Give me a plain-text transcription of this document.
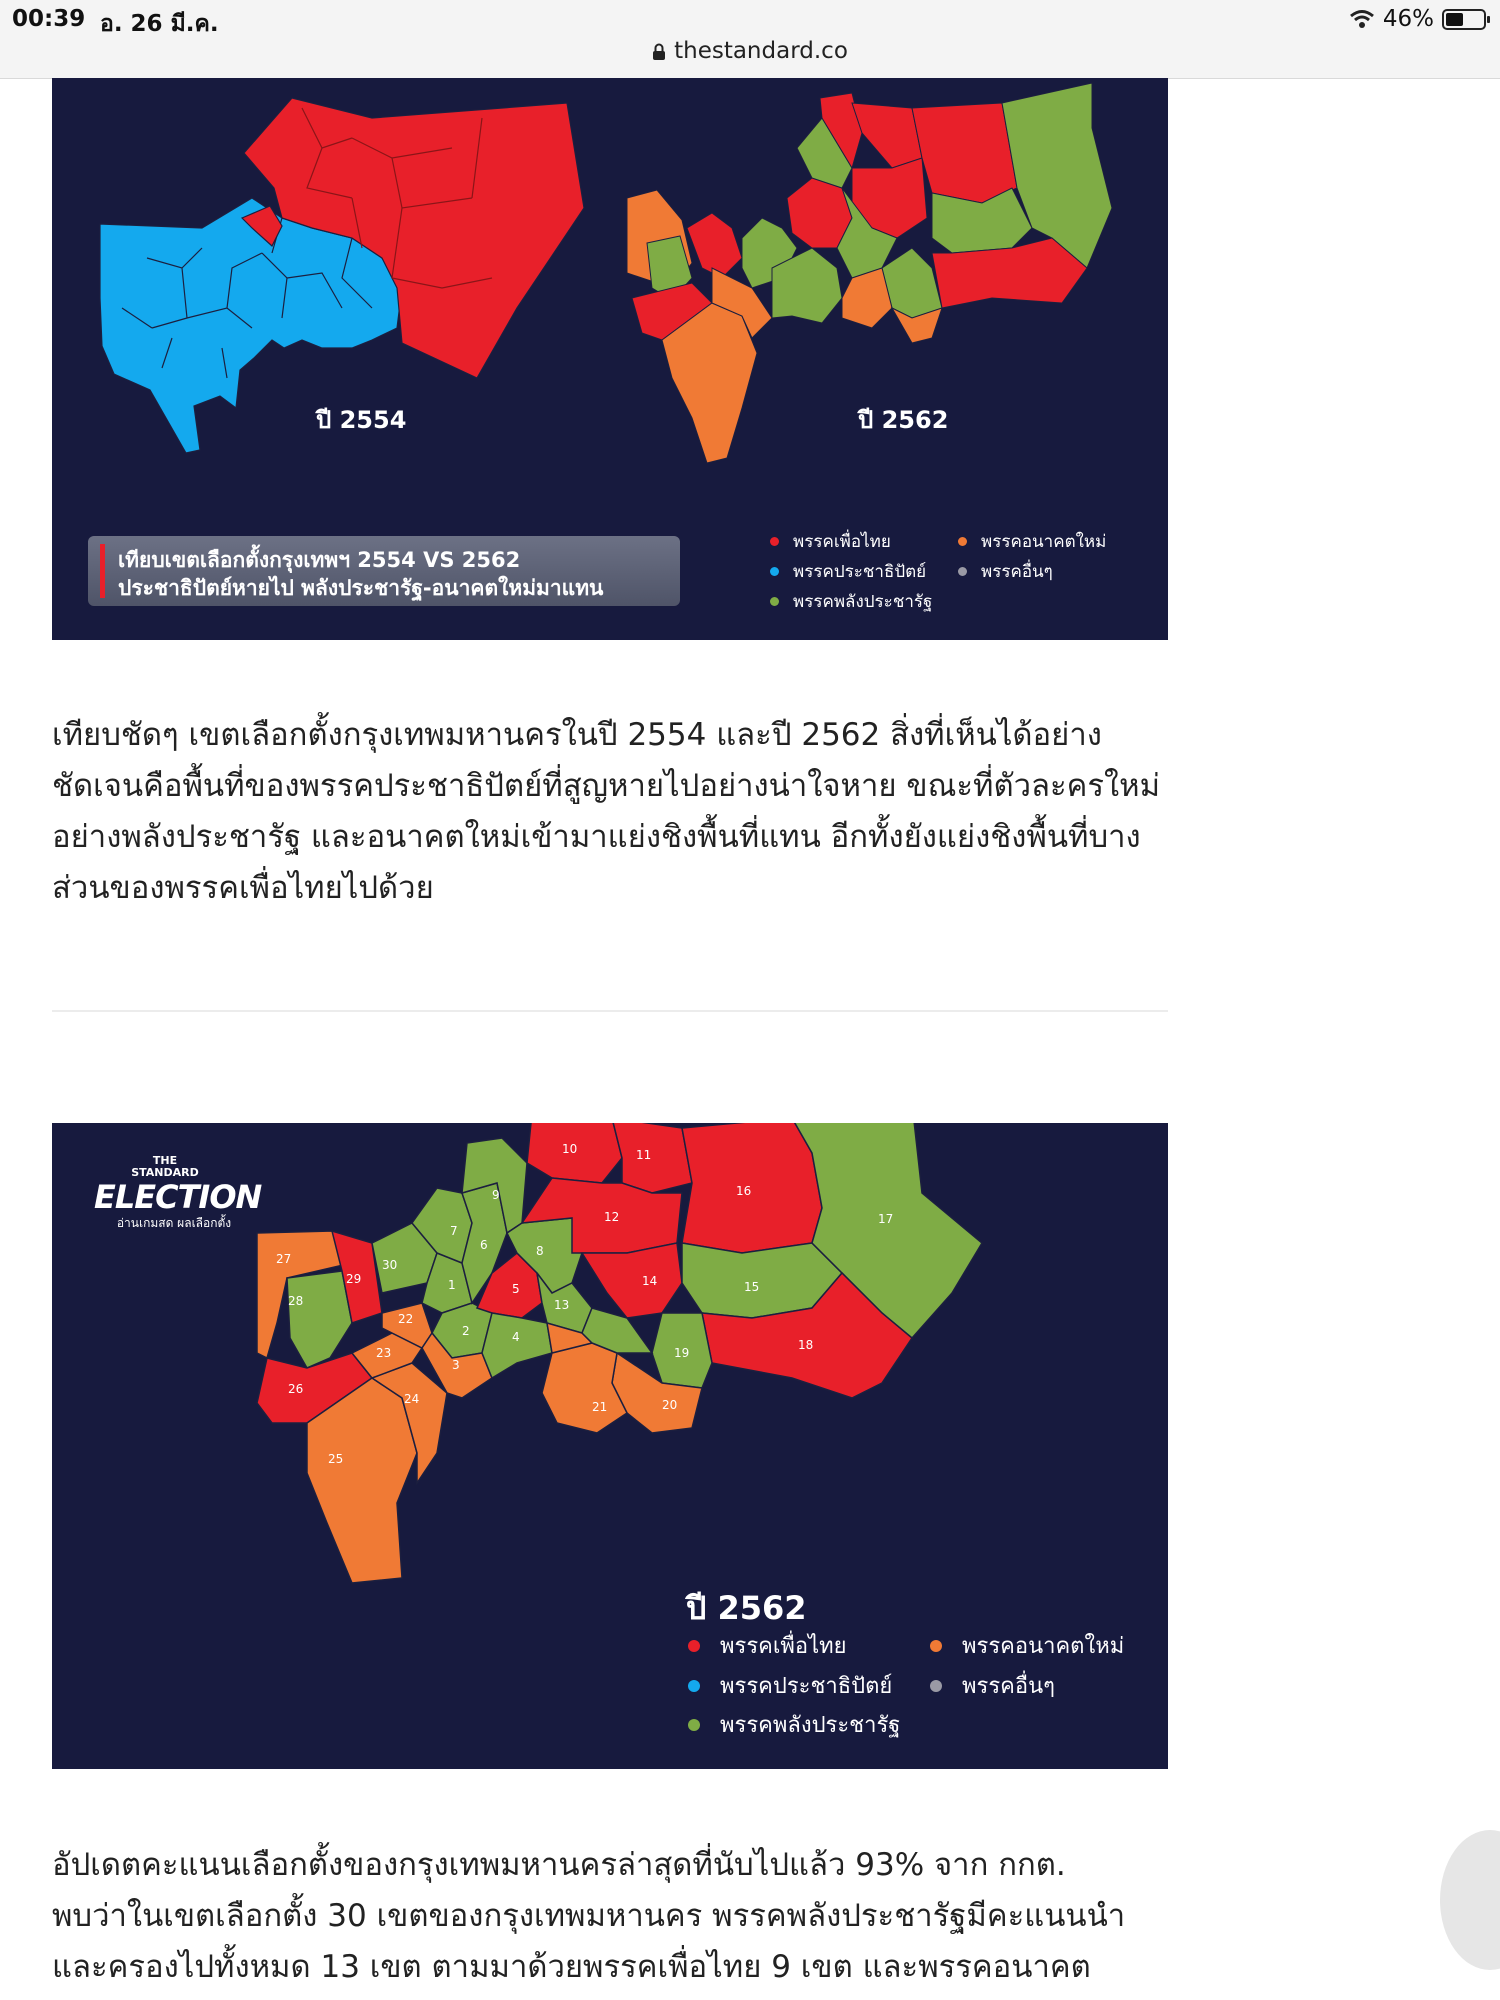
00:39 อ. 26 มี.ค.	46%
thestandard.co
ปี 2554	ปี 2562
เทียบเขตเลือกตั้งกรุงเทพฯ 2554 VS 2562
ประชาธิปัตย์หายไป พลังประชารัฐ-อนาคตใหม่มาแทน
พรรคเพื่อไทย	พรรคอนาคตใหม่
พรรคประชาธิปัตย์	พรรคอื่นๆ
พรรคพลังประชารัฐ

เทียบชัดๆ เขตเลือกตั้งกรุงเทพมหานครในปี 2554 และปี 2562 สิ่งที่เห็นได้อย่างชัดเจนคือพื้นที่ของพรรคประชาธิปัตย์ที่สูญหายไปอย่างน่าใจหาย ขณะที่ตัวละครใหม่อย่างพลังประชารัฐ และอนาคตใหม่เข้ามาแย่งชิงพื้นที่แทน อีกทั้งยังแย่งชิงพื้นที่บางส่วนของพรรคเพื่อไทยไปด้วย

28
27
29
26
25
24
23
22
30
1
7
2
3
6
9
5
4
8
13
10	11
12
14
16
15
17
18
19
20
21
THE
STANDARD
ELECTION
อ่านเกมสด ผลเลือกตั้ง
ปี 2562
พรรคเพื่อไทย	พรรคอนาคตใหม่
พรรคประชาธิปัตย์	พรรคอื่นๆ
พรรคพลังประชารัฐ
อัปเดตคะแนนเลือกตั้งของกรุงเทพมหานครล่าสุดที่นับไปแล้ว 93% จาก กกต.
พบว่าในเขตเลือกตั้ง 30 เขตของกรุงเทพมหานคร พรรคพลังประชารัฐมีคะแนนนำ
และครองไปทั้งหมด 13 เขต ตามมาด้วยพรรคเพื่อไทย 9 เขต และพรรคอนาคต
